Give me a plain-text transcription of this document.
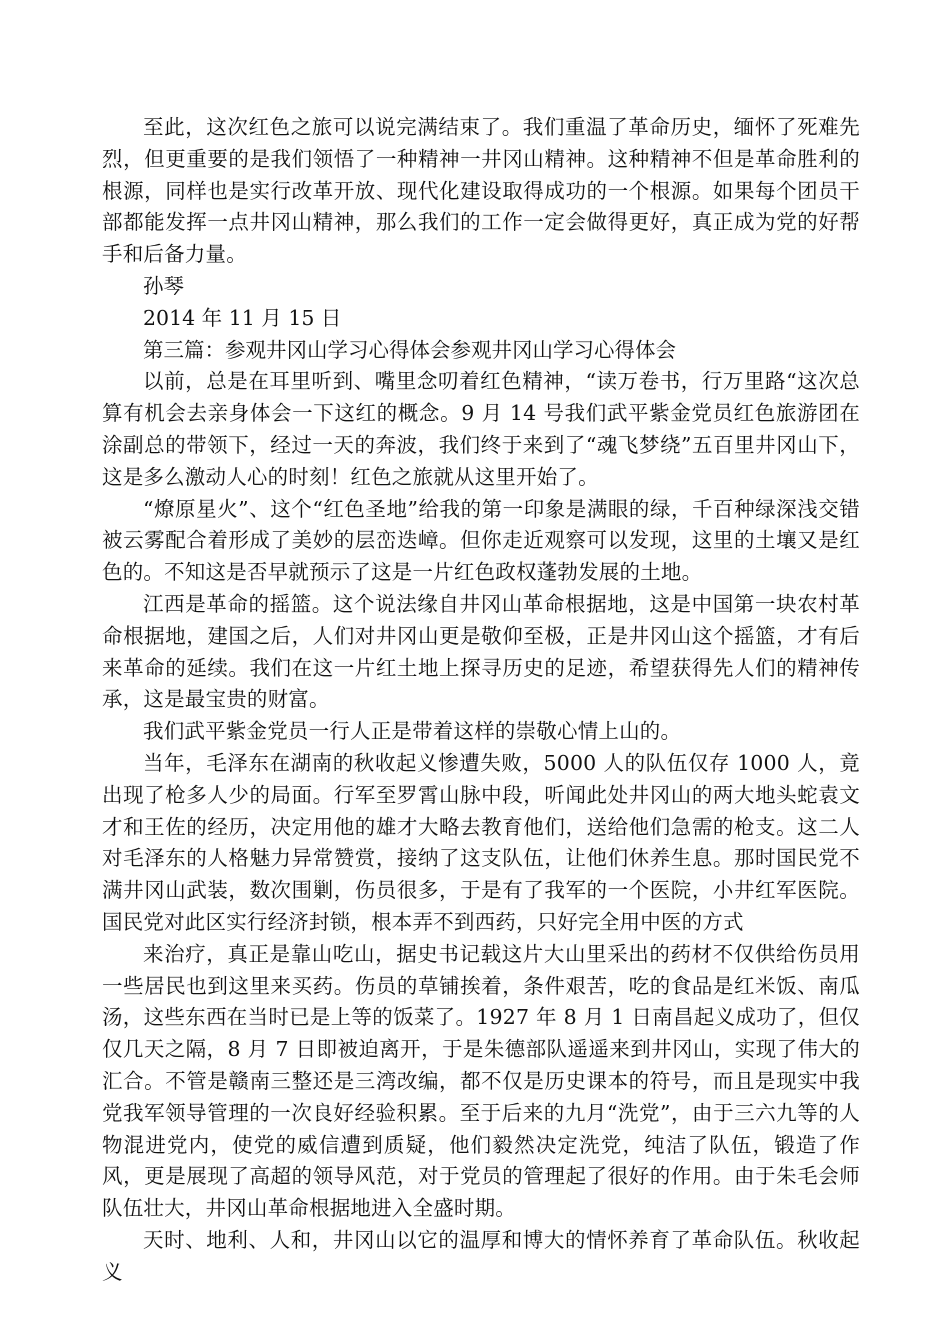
至此，这次红色之旅可以说完满结束了。我们重温了革命历史，缅怀了死难先烈，但更重要的是我们领悟了一种精神一井冈山精神。这种精神不但是革命胜利的根源，同样也是实行改革开放、现代化建设取得成功的一个根源。如果每个团员干部都能发挥一点井冈山精神，那么我们的工作一定会做得更好，真正成为党的好帮手和后备力量。

孙琴

2014 年 11 月 15 日

第三篇：参观井冈山学习心得体会参观井冈山学习心得体会

以前，总是在耳里听到、嘴里念叨着红色精神，“读万卷书，行万里路“这次总算有机会去亲身体会一下这红的概念。9 月 14 号我们武平紫金党员红色旅游团在涂副总的带领下，经过一天的奔波，我们终于来到了“魂飞梦绕”五百里井冈山下，这是多么激动人心的时刻！红色之旅就从这里开始了。

“燎原星火”、这个“红色圣地”给我的第一印象是满眼的绿，千百种绿深浅交错被云雾配合着形成了美妙的层峦迭嶂。但你走近观察可以发现，这里的土壤又是红色的。不知这是否早就预示了这是一片红色政权蓬勃发展的土地。

江西是革命的摇篮。这个说法缘自井冈山革命根据地，这是中国第一块农村革命根据地，建国之后，人们对井冈山更是敬仰至极，正是井冈山这个摇篮，才有后来革命的延续。我们在这一片红土地上探寻历史的足迹，希望获得先人们的精神传承，这是最宝贵的财富。

我们武平紫金党员一行人正是带着这样的崇敬心情上山的。

当年，毛泽东在湖南的秋收起义惨遭失败，5000 人的队伍仅存 1000 人，竟出现了枪多人少的局面。行军至罗霄山脉中段，听闻此处井冈山的两大地头蛇袁文才和王佐的经历，决定用他的雄才大略去教育他们，送给他们急需的枪支。这二人对毛泽东的人格魅力异常赞赏，接纳了这支队伍，让他们休养生息。那时国民党不满井冈山武装，数次围剿，伤员很多，于是有了我军的一个医院，小井红军医院。国民党对此区实行经济封锁，根本弄不到西药，只好完全用中医的方式

来治疗，真正是靠山吃山，据史书记载这片大山里采出的药材不仅供给伤员用一些居民也到这里来买药。伤员的草铺挨着，条件艰苦，吃的食品是红米饭、南瓜汤，这些东西在当时已是上等的饭菜了。1927 年 8 月 1 日南昌起义成功了，但仅仅几天之隔，8 月 7 日即被迫离开，于是朱德部队遥遥来到井冈山，实现了伟大的汇合。不管是赣南三整还是三湾改编，都不仅是历史课本的符号，而且是现实中我党我军领导管理的一次良好经验积累。至于后来的九月“洗党”，由于三六九等的人物混进党内，使党的威信遭到质疑，他们毅然决定洗党，纯洁了队伍，锻造了作风，更是展现了高超的领导风范，对于党员的管理起了很好的作用。由于朱毛会师队伍壮大，井冈山革命根据地进入全盛时期。

天时、地利、人和，井冈山以它的温厚和博大的情怀养育了革命队伍。秋收起义
